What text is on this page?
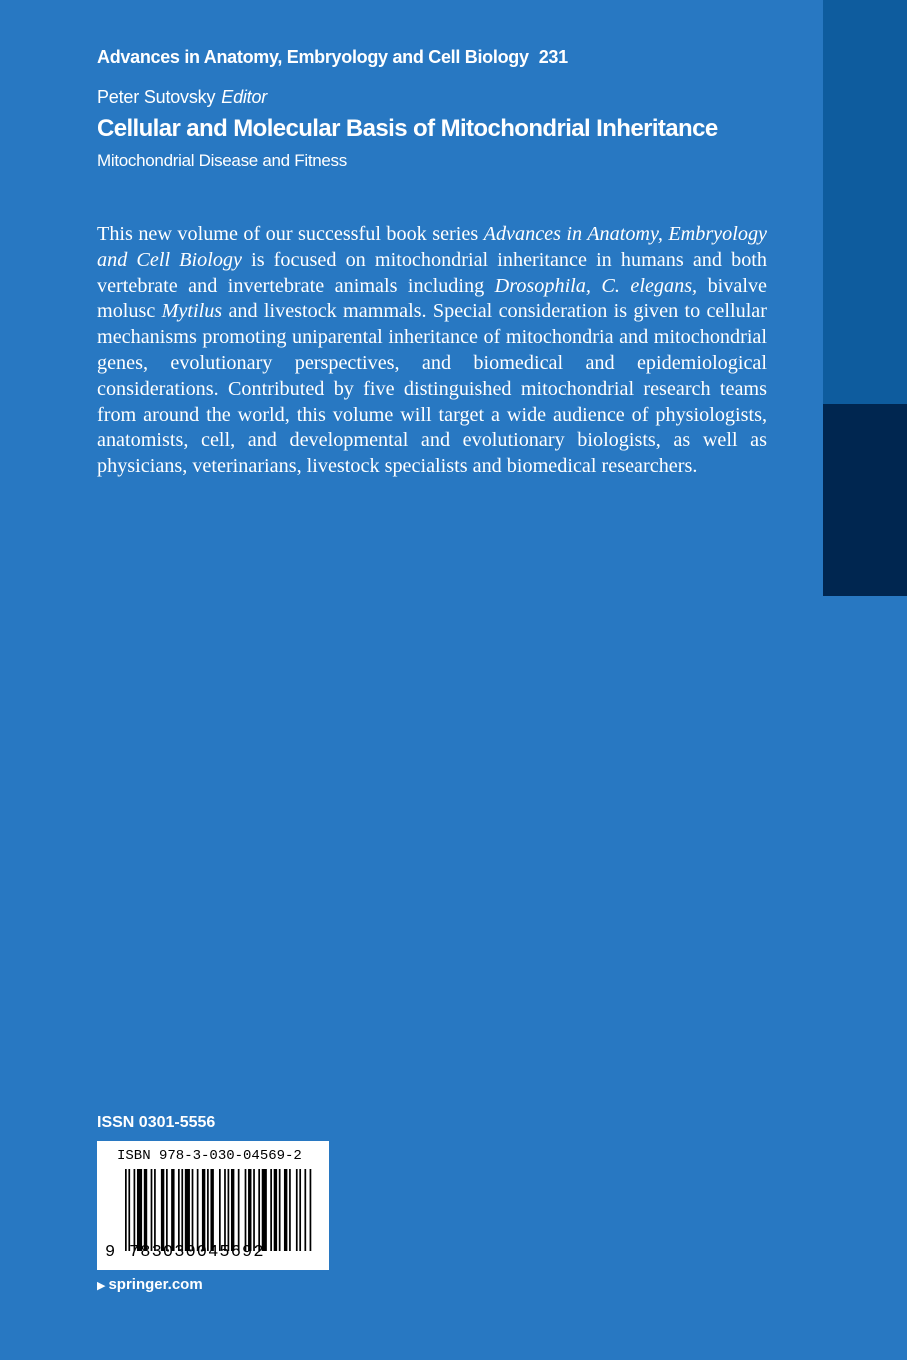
Advances in Anatomy, Embryology and Cell Biology 231
Peter Sutovsky Editor
Cellular and Molecular Basis of Mitochondrial Inheritance
Mitochondrial Disease and Fitness
This new volume of our successful book series Advances in Anatomy, Embryology and Cell Biology is focused on mitochondrial inheritance in humans and both vertebrate and invertebrate animals including Drosophila, C. elegans, bivalve molusc Mytilus and livestock mammals. Special consideration is given to cellular mechanisms promoting uniparental inheritance of mitochondria and mitochondrial genes, evolutionary perspectives, and biomedical and epidemiological considerations. Contributed by five distinguished mitochondrial research teams from around the world, this volume will target a wide audience of physiologists, anatomists, cell, and developmental and evolutionary biologists, as well as physicians, veterinarians, livestock specialists and biomedical researchers.
ISSN 0301-5556
ISBN 978-3-030-04569-2
9 783030045692
▶ springer.com
